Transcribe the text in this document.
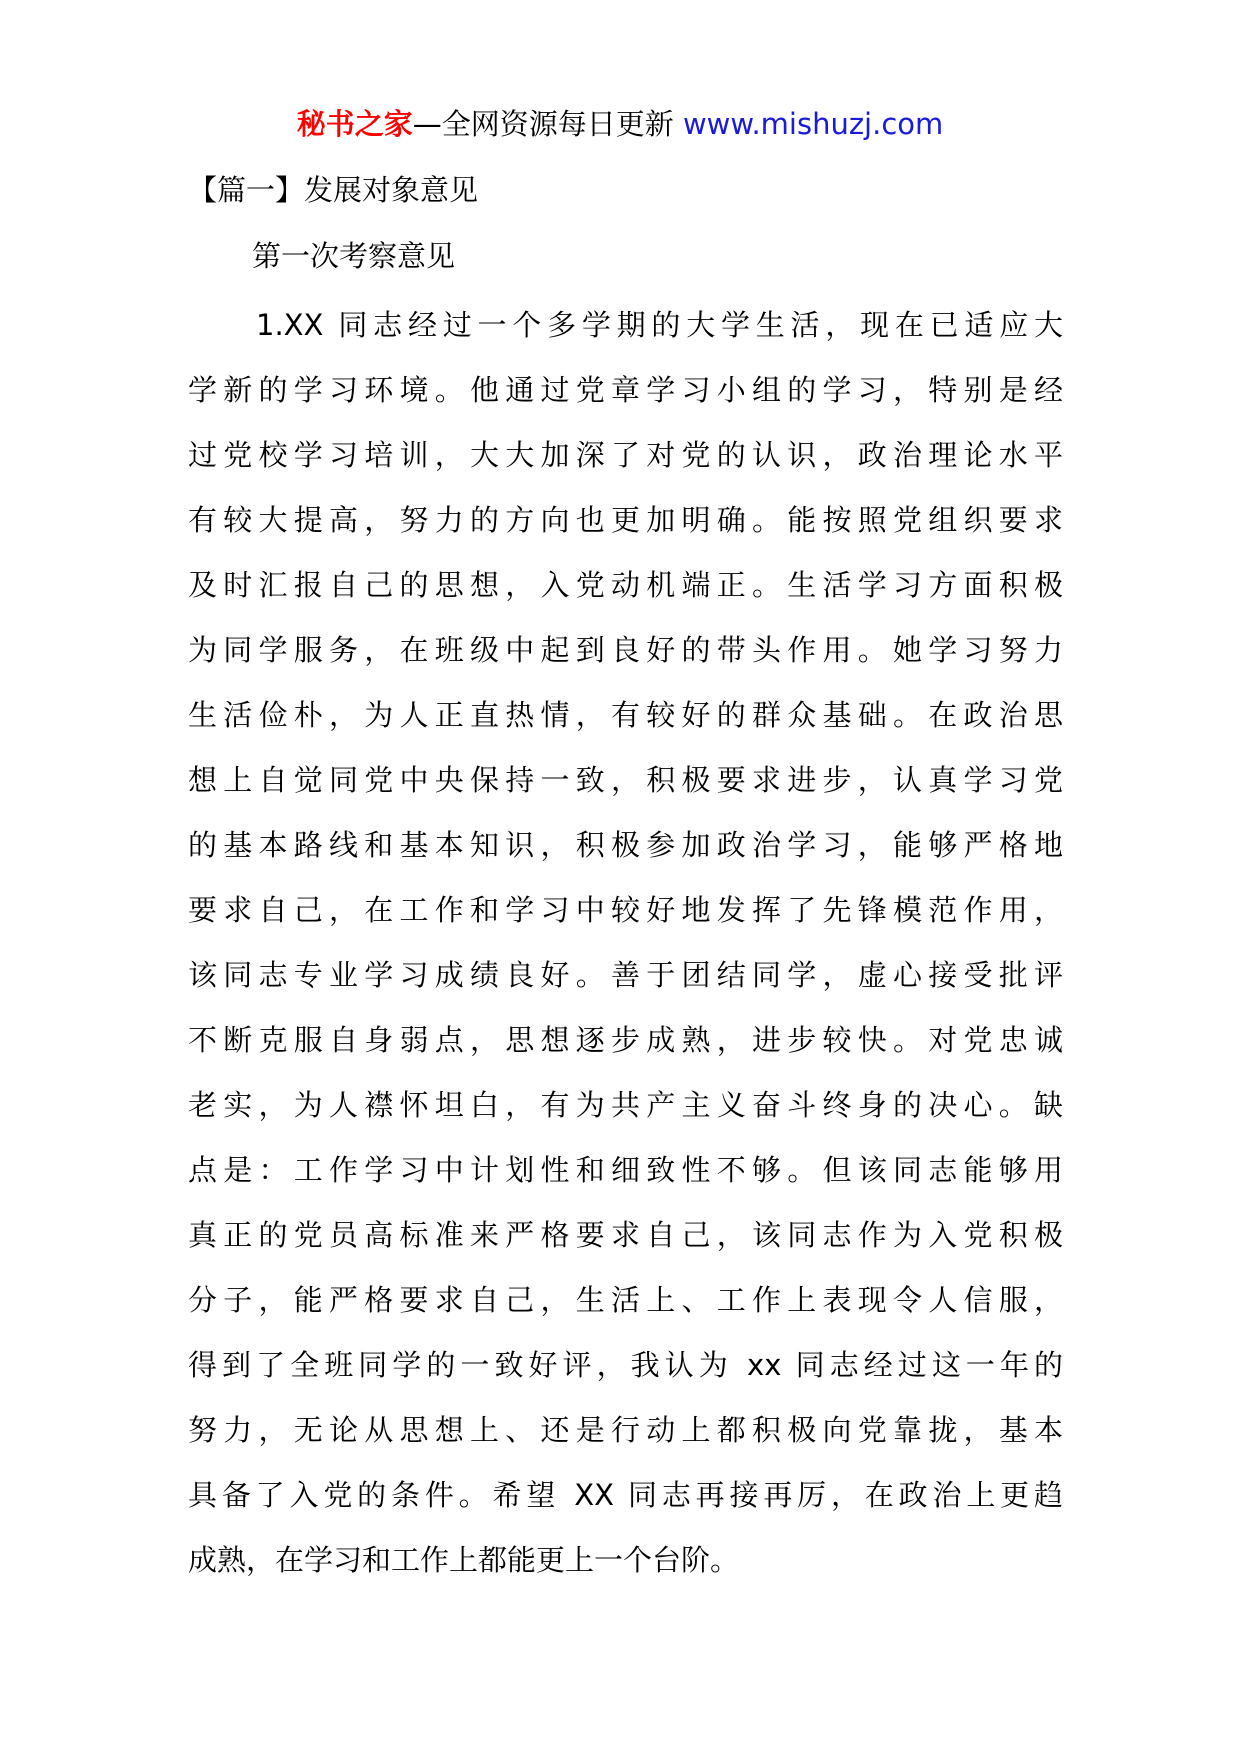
秘书之家—全网资源每日更新 www.mishuzj.com
【篇一】发展对象意见
第一次考察意见
1.XX 同志经过一个多学期的大学生活，现在已适应大
学新的学习环境。他通过党章学习小组的学习，特别是经
过党校学习培训，大大加深了对党的认识，政治理论水平
有较大提高，努力的方向也更加明确。能按照党组织要求
及时汇报自己的思想，入党动机端正。生活学习方面积极
为同学服务，在班级中起到良好的带头作用。她学习努力
生活俭朴，为人正直热情，有较好的群众基础。在政治思
想上自觉同党中央保持一致，积极要求进步，认真学习党
的基本路线和基本知识，积极参加政治学习，能够严格地
要求自己，在工作和学习中较好地发挥了先锋模范作用，
该同志专业学习成绩良好。善于团结同学，虚心接受批评
不断克服自身弱点，思想逐步成熟，进步较快。对党忠诚
老实，为人襟怀坦白，有为共产主义奋斗终身的决心。缺
点是：工作学习中计划性和细致性不够。但该同志能够用
真正的党员高标准来严格要求自己，该同志作为入党积极
分子，能严格要求自己，生活上、工作上表现令人信服，
得到了全班同学的一致好评，我认为 xx 同志经过这一年的
努力，无论从思想上、还是行动上都积极向党靠拢，基本
具备了入党的条件。希望 XX 同志再接再厉，在政治上更趋
成熟，在学习和工作上都能更上一个台阶。
